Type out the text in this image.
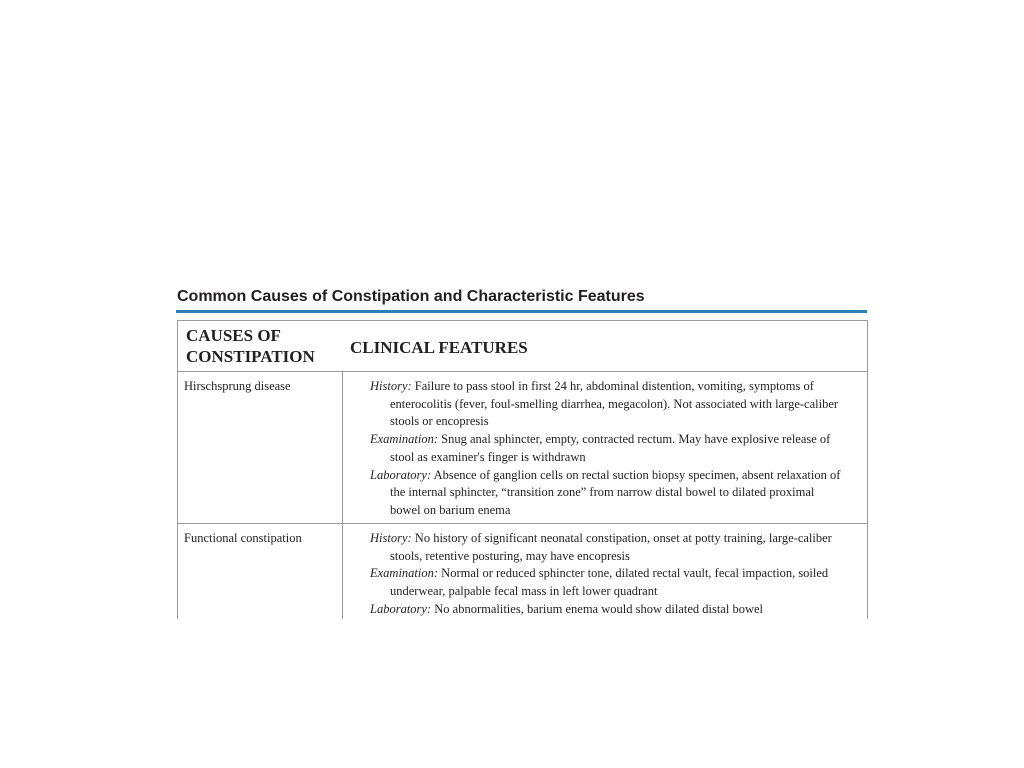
Common Causes of Constipation and Characteristic Features
CAUSES OF CONSTIPATION	CLINICAL FEATURES
Hirschsprung disease	History: Failure to pass stool in first 24 hr, abdominal distention, vomiting, symptoms of enterocolitis (fever, foul-smelling diarrhea, megacolon). Not associated with large-caliber stools or encopresis

Examination: Snug anal sphincter, empty, contracted rectum. May have explosive release of stool as examiner's finger is withdrawn

Laboratory: Absence of ganglion cells on rectal suction biopsy specimen, absent relaxation of the internal sphincter, “transition zone” from narrow distal bowel to dilated proximal bowel on barium enema

Functional constipation	History: No history of significant neonatal constipation, onset at potty training, large-caliber stools, retentive posturing, may have encopresis

Examination: Normal or reduced sphincter tone, dilated rectal vault, fecal impaction, soiled underwear, palpable fecal mass in left lower quadrant

Laboratory: No abnormalities, barium enema would show dilated distal bowel
